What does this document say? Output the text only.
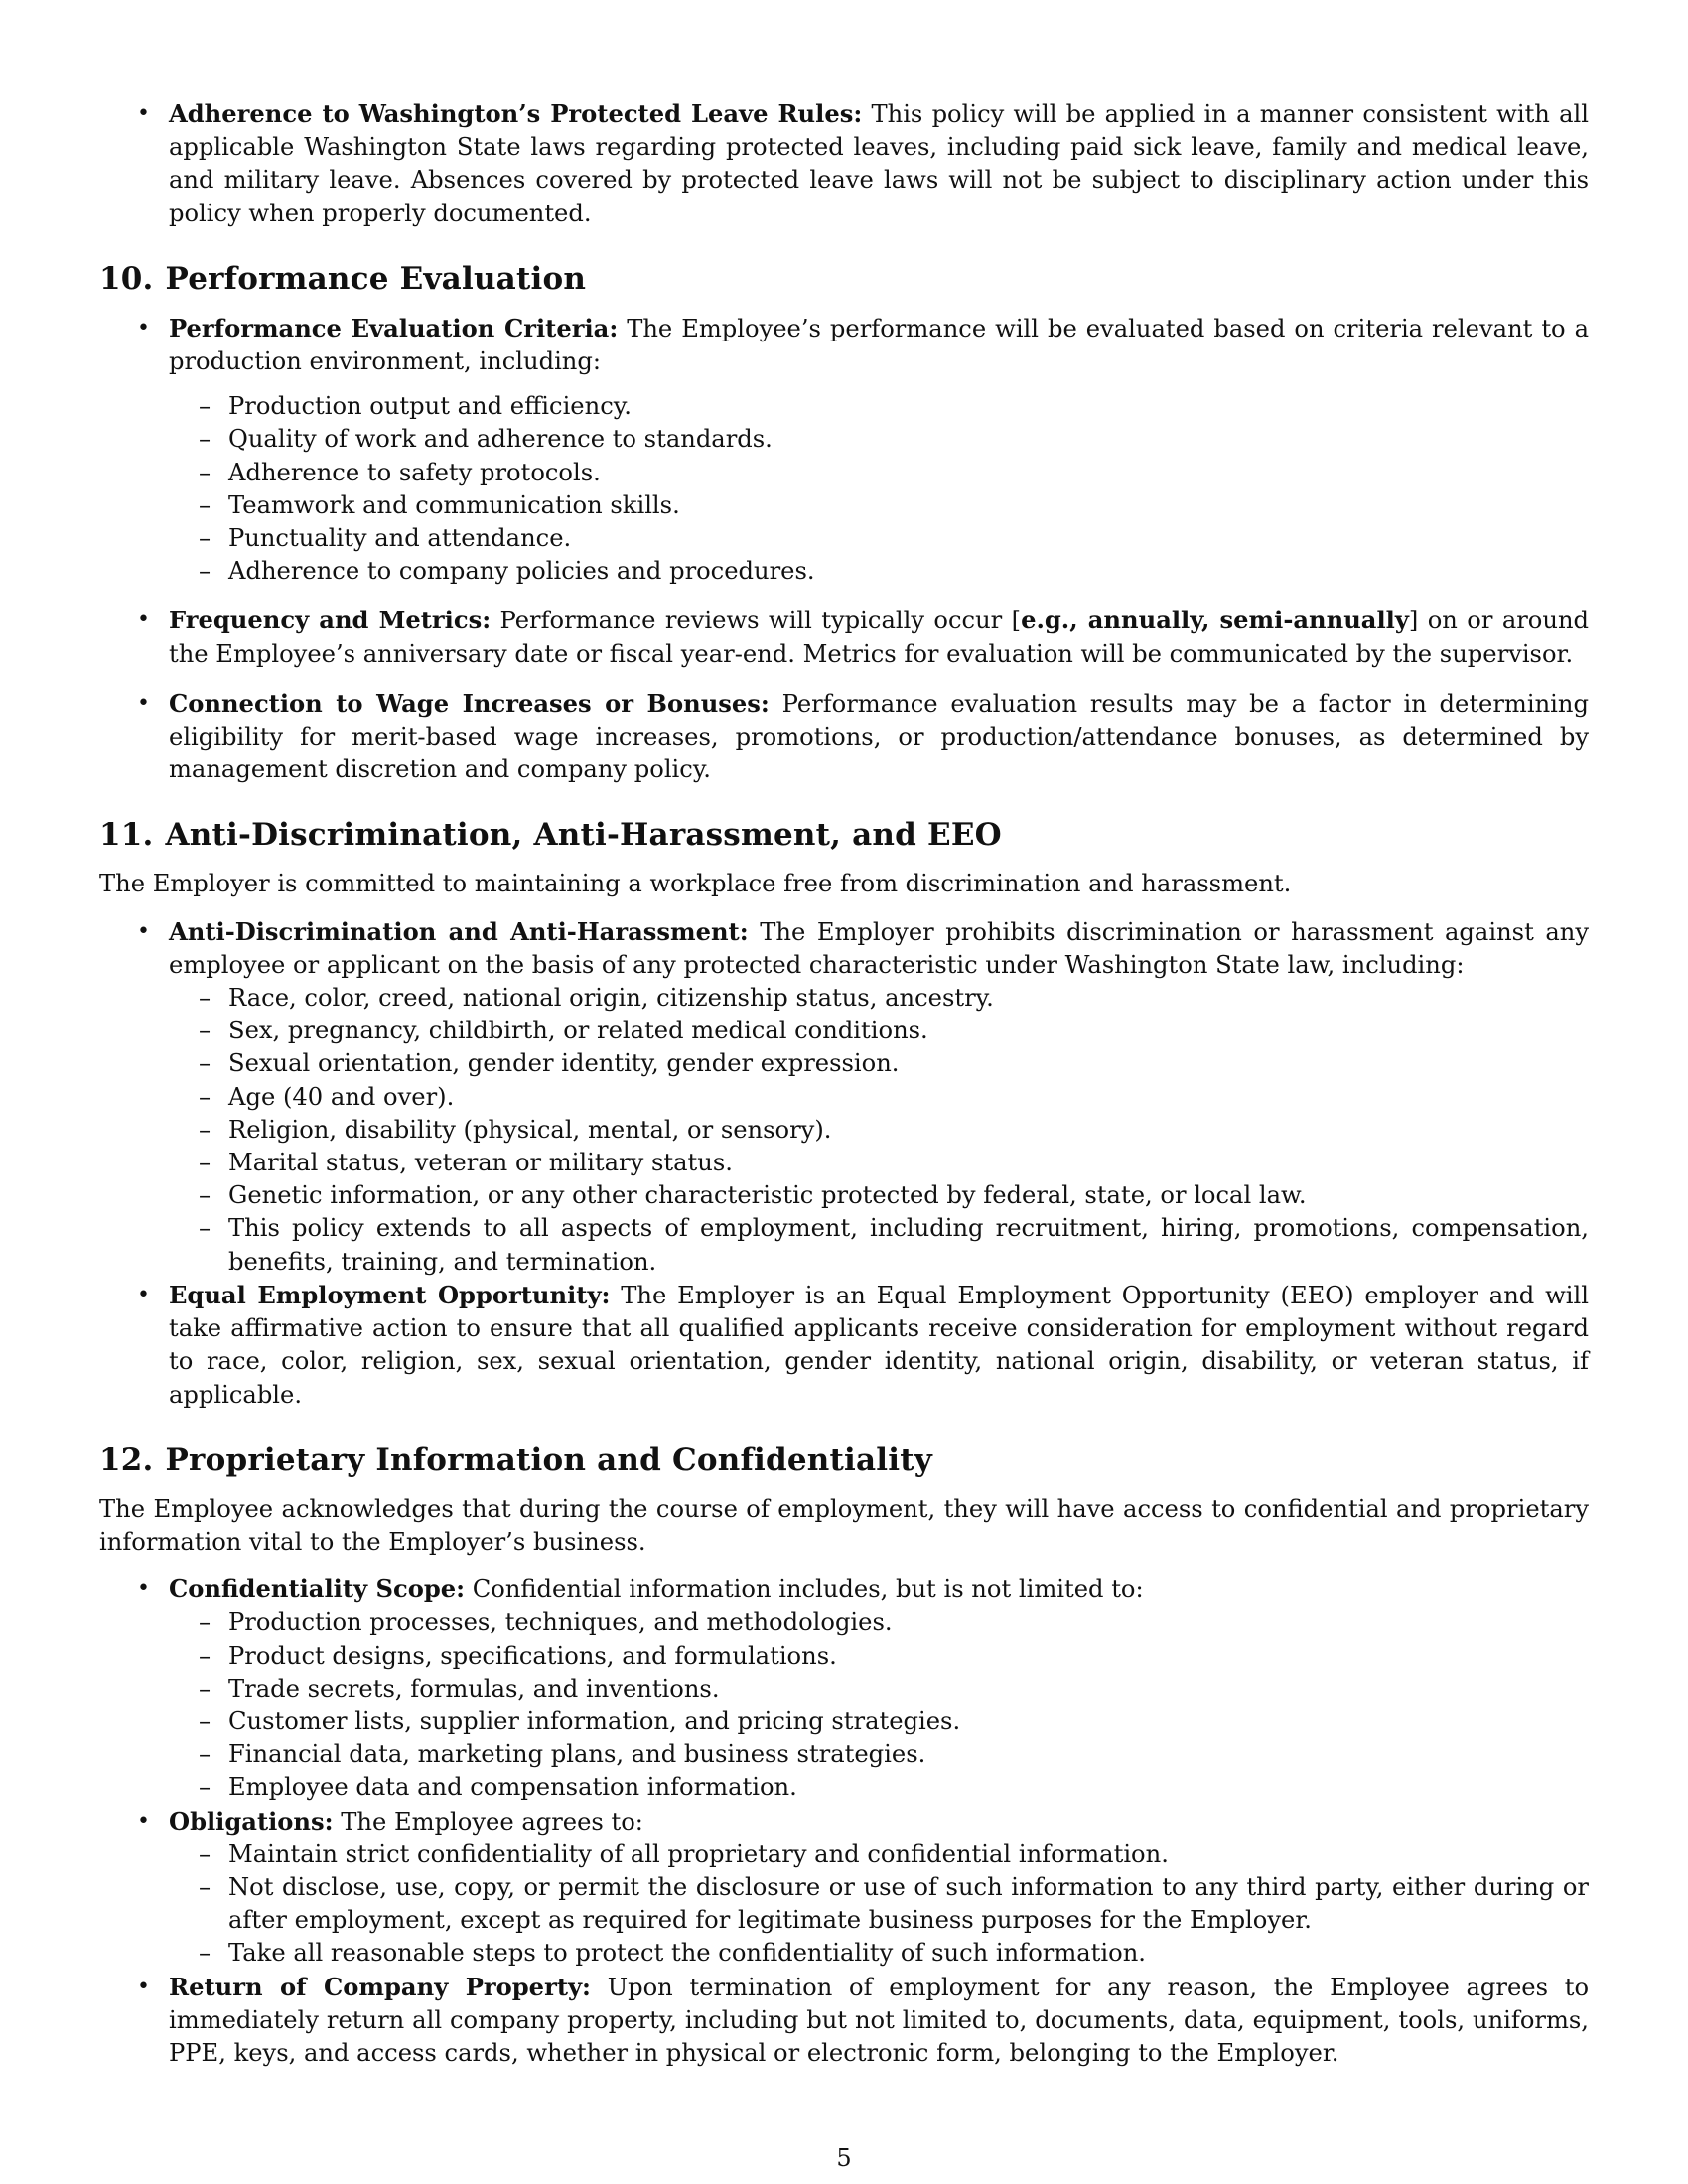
• Adherence to Washington’s Protected Leave Rules: This policy will be applied in a manner consistent with all applicable Washington State laws regarding protected leaves, including paid sick leave, family and medical leave, and military leave. Absences covered by protected leave laws will not be subject to disciplinary action under this policy when properly documented.
10. Performance Evaluation
• Performance Evaluation Criteria: The Employee’s performance will be evaluated based on criteria relevant to a production environment, including:
– Production output and efficiency.
– Quality of work and adherence to standards.
– Adherence to safety protocols.
– Teamwork and communication skills.
– Punctuality and attendance.
– Adherence to company policies and procedures.
• Frequency and Metrics: Performance reviews will typically occur [e.g., annually, semi-annually] on or around the Employee’s anniversary date or fiscal year-end. Metrics for evaluation will be communicated by the supervisor.
• Connection to Wage Increases or Bonuses: Performance evaluation results may be a factor in determining eligibility for merit-based wage increases, promotions, or production/attendance bonuses, as determined by management discretion and company policy.
11. Anti-Discrimination, Anti-Harassment, and EEO

The Employer is committed to maintaining a workplace free from discrimination and harassment.

• Anti-Discrimination and Anti-Harassment: The Employer prohibits discrimination or harassment against any employee or applicant on the basis of any protected characteristic under Washington State law, including:
– Race, color, creed, national origin, citizenship status, ancestry.
– Sex, pregnancy, childbirth, or related medical conditions.
– Sexual orientation, gender identity, gender expression.
– Age (40 and over).
– Religion, disability (physical, mental, or sensory).
– Marital status, veteran or military status.
– Genetic information, or any other characteristic protected by federal, state, or local law.
– This policy extends to all aspects of employment, including recruitment, hiring, promotions, compensation, benefits, training, and termination.
• Equal Employment Opportunity: The Employer is an Equal Employment Opportunity (EEO) employer and will take affirmative action to ensure that all qualified applicants receive consideration for employment without regard to race, color, religion, sex, sexual orientation, gender identity, national origin, disability, or veteran status, if applicable.
12. Proprietary Information and Confidentiality

The Employee acknowledges that during the course of employment, they will have access to confidential and proprietary information vital to the Employer’s business.

• Confidentiality Scope: Confidential information includes, but is not limited to:
– Production processes, techniques, and methodologies.
– Product designs, specifications, and formulations.
– Trade secrets, formulas, and inventions.
– Customer lists, supplier information, and pricing strategies.
– Financial data, marketing plans, and business strategies.
– Employee data and compensation information.
• Obligations: The Employee agrees to:
– Maintain strict confidentiality of all proprietary and confidential information.
– Not disclose, use, copy, or permit the disclosure or use of such information to any third party, either during or after employment, except as required for legitimate business purposes for the Employer.
– Take all reasonable steps to protect the confidentiality of such information.
• Return of Company Property: Upon termination of employment for any reason, the Employee agrees to immediately return all company property, including but not limited to, documents, data, equipment, tools, uniforms, PPE, keys, and access cards, whether in physical or electronic form, belonging to the Employer.
5
